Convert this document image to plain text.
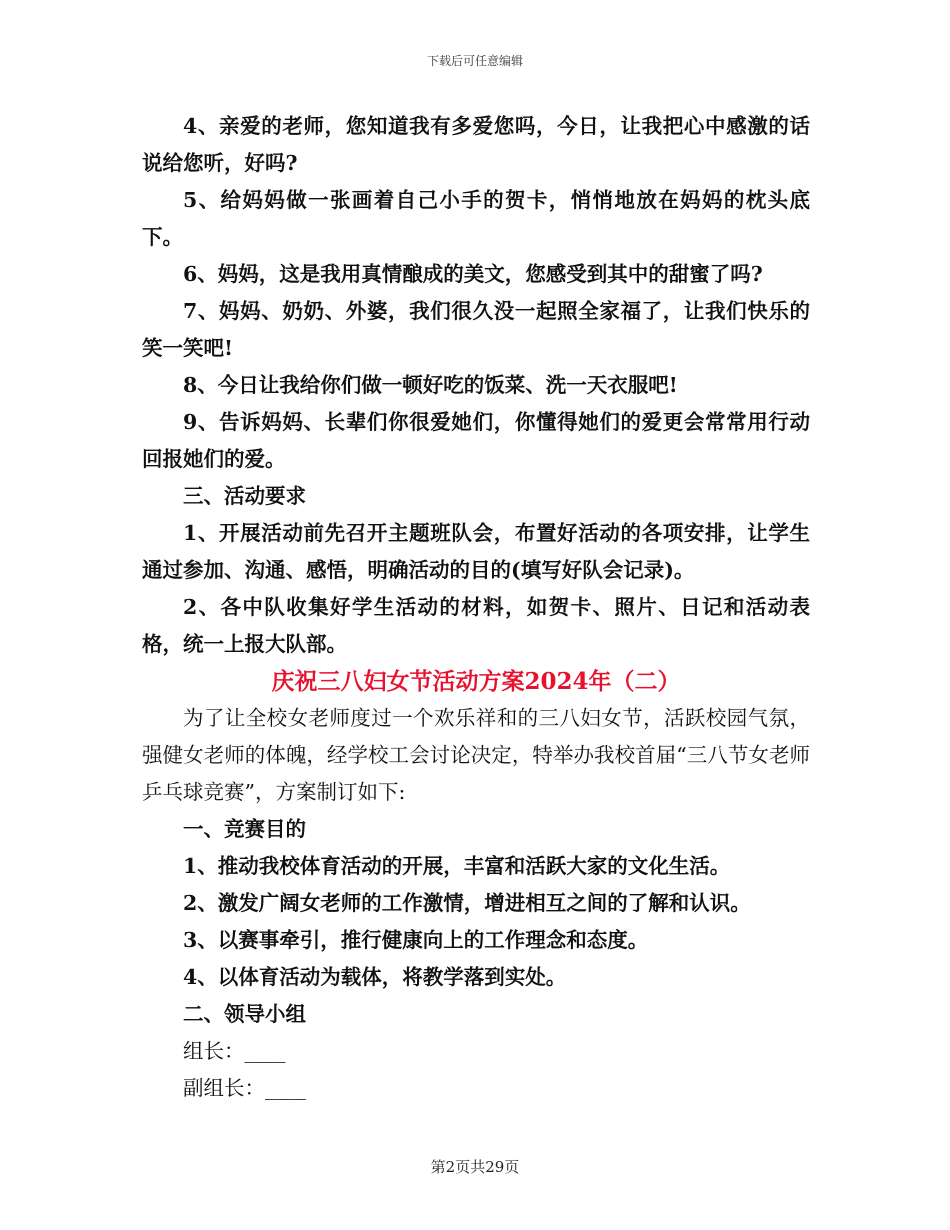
下载后可任意编辑

4、亲爱的老师，您知道我有多爱您吗，今日，让我把心中感激的话说给您听，好吗?

5、给妈妈做一张画着自己小手的贺卡，悄悄地放在妈妈的枕头底下。

6、妈妈，这是我用真情酿成的美文，您感受到其中的甜蜜了吗?

7、妈妈、奶奶、外婆，我们很久没一起照全家福了，让我们快乐的笑一笑吧!

8、今日让我给你们做一顿好吃的饭菜、洗一天衣服吧!

9、告诉妈妈、长辈们你很爱她们，你懂得她们的爱更会常常用行动回报她们的爱。

三、活动要求

1、开展活动前先召开主题班队会，布置好活动的各项安排，让学生通过参加、沟通、感悟，明确活动的目的(填写好队会记录)。

2、各中队收集好学生活动的材料，如贺卡、照片、日记和活动表格，统一上报大队部。

庆祝三八妇女节活动方案2024年（二）

为了让全校女老师度过一个欢乐祥和的三八妇女节，活跃校园气氛，强健女老师的体魄，经学校工会讨论决定，特举办我校首届“三八节女老师乒乓球竞赛”，方案制订如下:

一、竞赛目的

1、推动我校体育活动的开展，丰富和活跃大家的文化生活。

2、激发广阔女老师的工作激情，增进相互之间的了解和认识。

3、以赛事牵引，推行健康向上的工作理念和态度。

4、以体育活动为载体，将教学落到实处。

二、领导小组

组长：____

副组长：____

第2页共29页
